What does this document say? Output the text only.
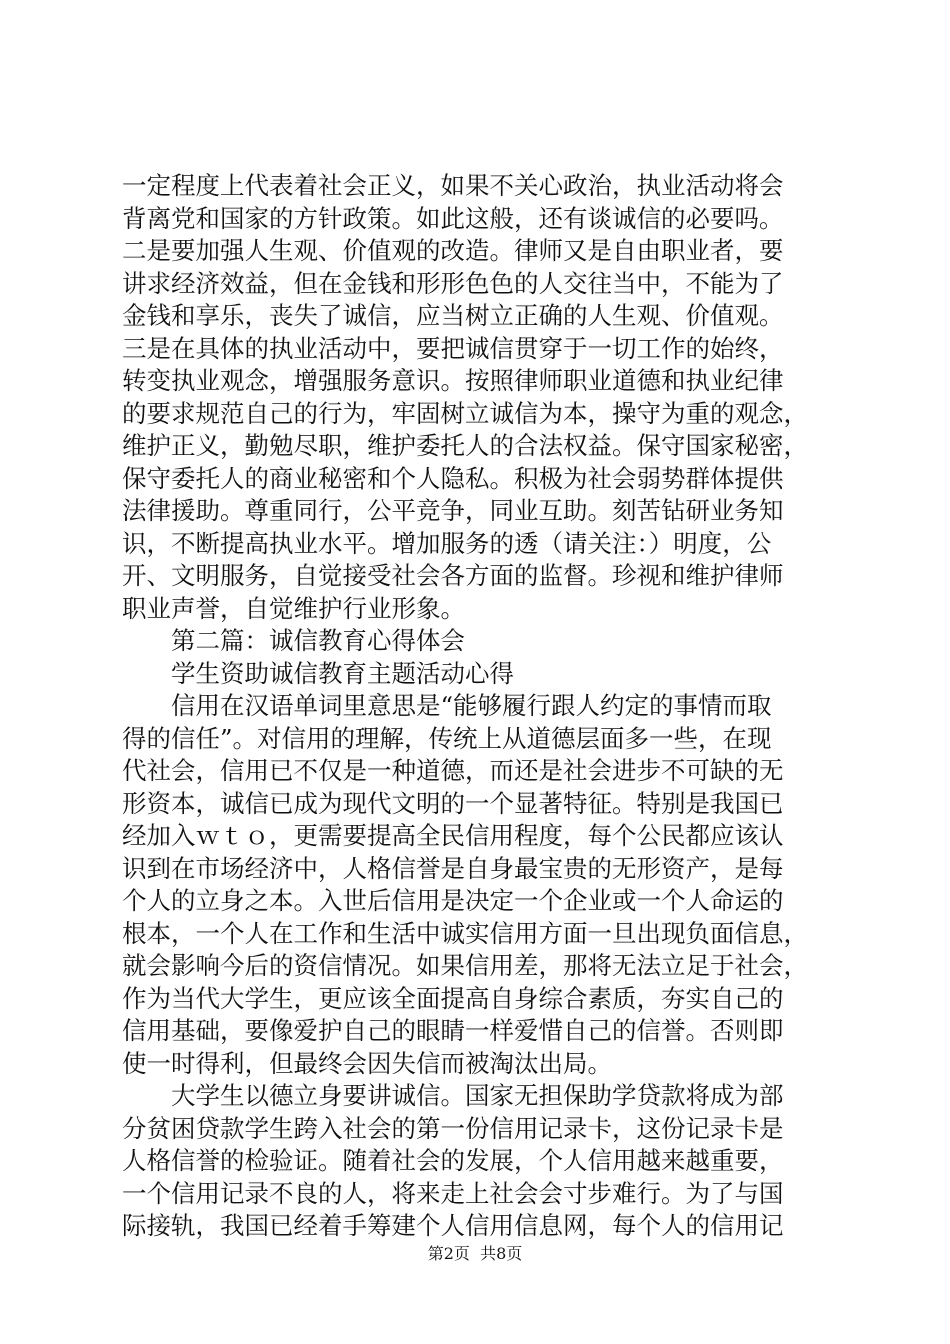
一定程度上代表着社会正义，如果不关心政治，执业活动将会
背离党和国家的方针政策。如此这般，还有谈诚信的必要吗。
二是要加强人生观、价值观的改造。律师又是自由职业者，要
讲求经济效益，但在金钱和形形色色的人交往当中，不能为了
金钱和享乐，丧失了诚信，应当树立正确的人生观、价值观。
三是在具体的执业活动中，要把诚信贯穿于一切工作的始终，
转变执业观念，增强服务意识。按照律师职业道德和执业纪律
的要求规范自己的行为，牢固树立诚信为本，操守为重的观念，
维护正义，勤勉尽职，维护委托人的合法权益。保守国家秘密，
保守委托人的商业秘密和个人隐私。积极为社会弱势群体提供
法律援助。尊重同行，公平竞争，同业互助。刻苦钻研业务知
识，不断提高执业水平。增加服务的透（请关注：）明度，公
开、文明服务，自觉接受社会各方面的监督。珍视和维护律师
职业声誉，自觉维护行业形象。
　　第二篇：诚信教育心得体会
　　学生资助诚信教育主题活动心得
　　信用在汉语单词里意思是“能够履行跟人约定的事情而取
得的信任”。对信用的理解，传统上从道德层面多一些，在现
代社会，信用已不仅是一种道德，而还是社会进步不可缺的无
形资本，诚信已成为现代文明的一个显著特征。特别是我国已
经加入ｗｔｏ，更需要提高全民信用程度，每个公民都应该认
识到在市场经济中，人格信誉是自身最宝贵的无形资产，是每
个人的立身之本。入世后信用是决定一个企业或一个人命运的
根本，一个人在工作和生活中诚实信用方面一旦出现负面信息，
就会影响今后的资信情况。如果信用差，那将无法立足于社会，
作为当代大学生，更应该全面提高自身综合素质，夯实自己的
信用基础，要像爱护自己的眼睛一样爱惜自己的信誉。否则即
使一时得利，但最终会因失信而被淘汰出局。
　　大学生以德立身要讲诚信。国家无担保助学贷款将成为部
分贫困贷款学生跨入社会的第一份信用记录卡，这份记录卡是
人格信誉的检验证。随着社会的发展，个人信用越来越重要，
一个信用记录不良的人，将来走上社会会寸步难行。为了与国
际接轨，我国已经着手筹建个人信用信息网，每个人的信用记
第2页  共8页
